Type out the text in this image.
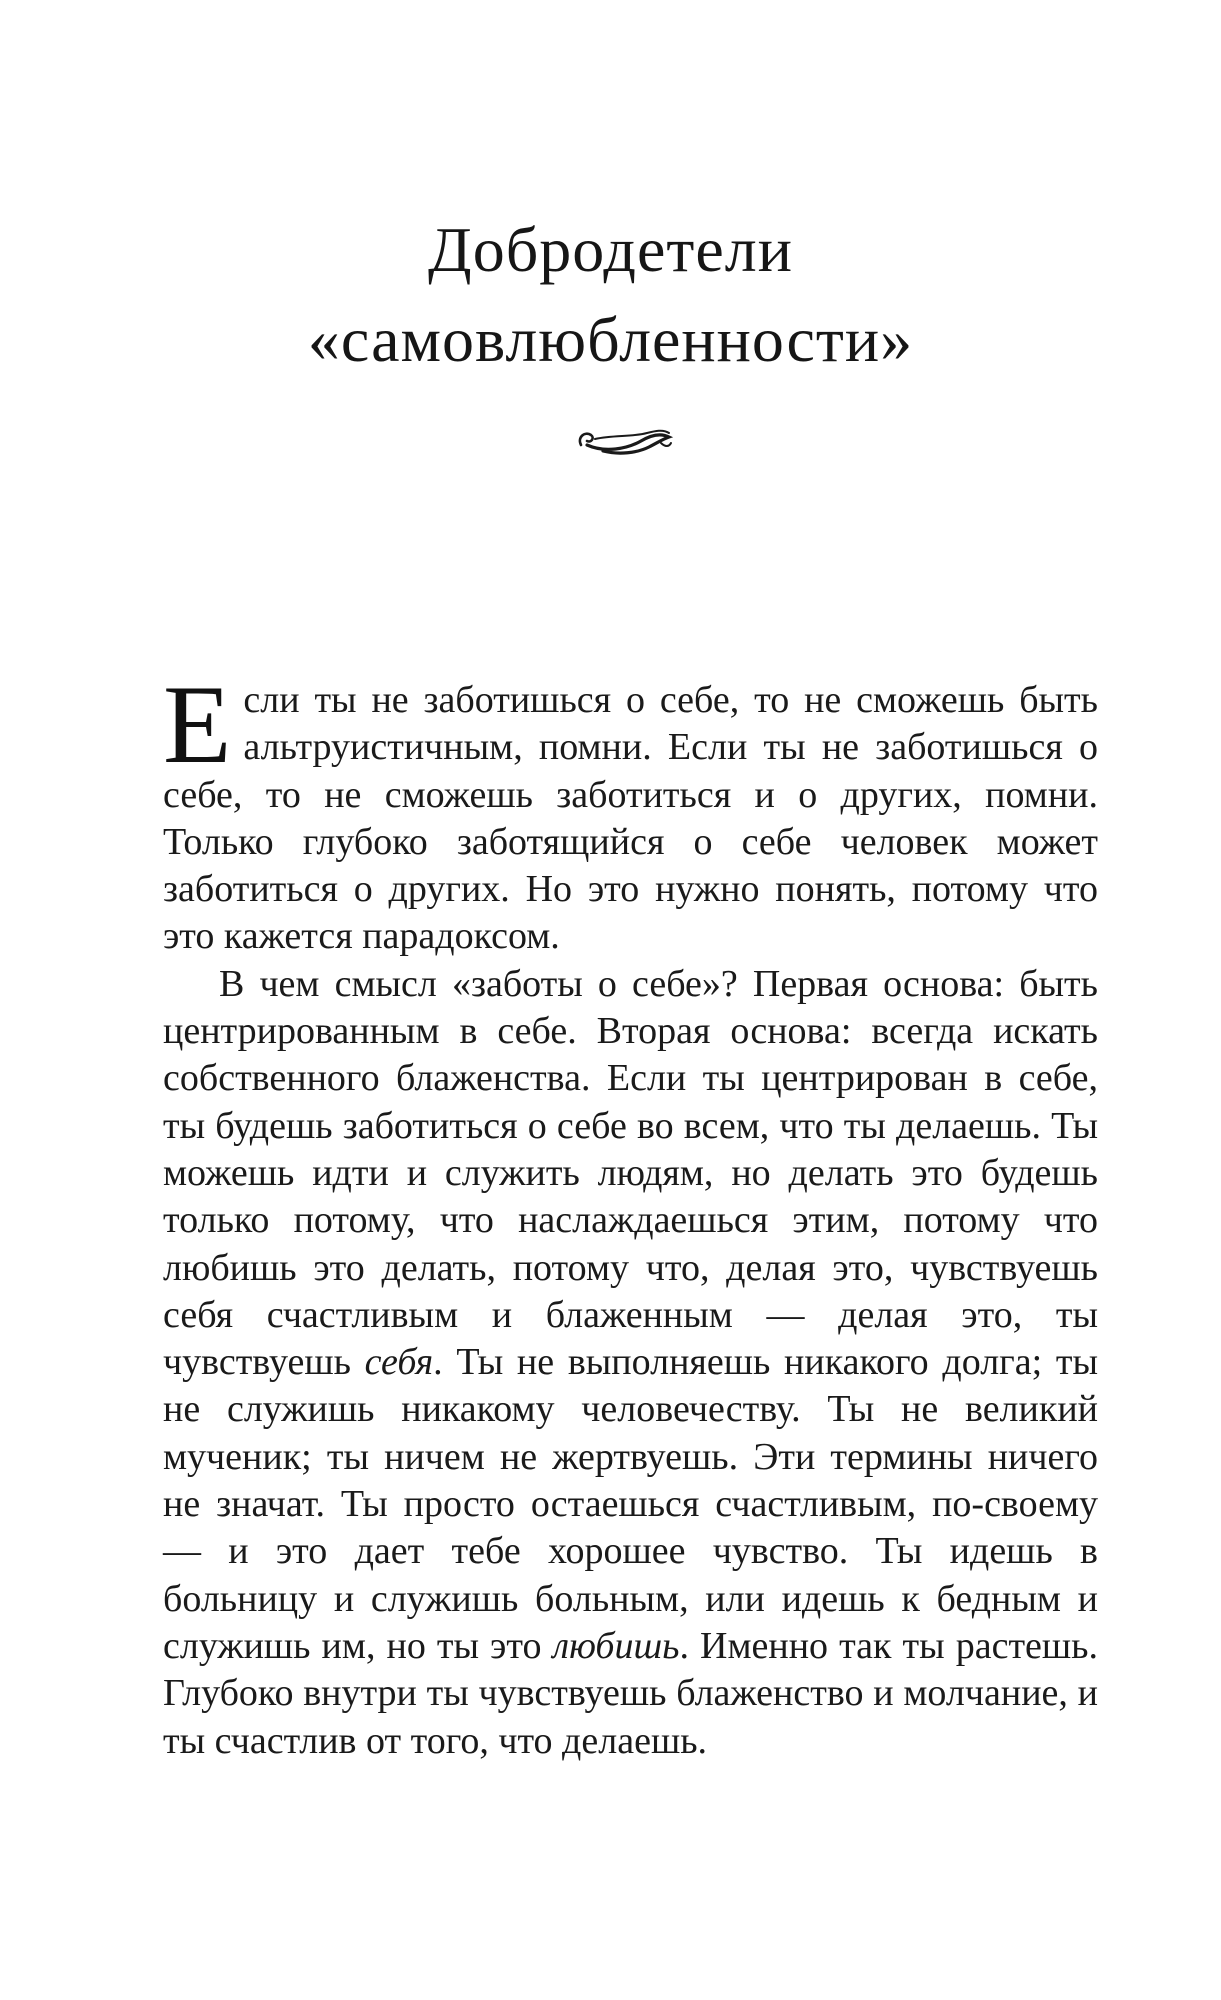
Добродетели
«самовлюбленности»

Если ты не заботишься о себе, то не сможешь быть альтруистичным, помни. Если ты не заботишься о себе, то не сможешь заботиться и о других, помни. Только глубоко заботящийся о себе человек может заботиться о других. Но это нужно понять, потому что это кажется парадоксом.

В чем смысл «заботы о себе»? Первая основа: быть центрированным в себе. Вторая основа: всегда искать собственного блаженства. Если ты центрирован в себе, ты будешь заботиться о себе во всем, что ты делаешь. Ты можешь идти и служить людям, но делать это будешь только потому, что наслаждаешься этим, потому что любишь это делать, потому что, делая это, чувствуешь себя счастливым и блаженным — делая это, ты чувствуешь себя. Ты не выполняешь никакого долга; ты не служишь никакому человечеству. Ты не великий мученик; ты ничем не жертвуешь. Эти термины ничего не значат. Ты просто остаешься счастливым, по-своему — и это дает тебе хорошее чувство. Ты идешь в больницу и служишь больным, или идешь к бедным и служишь им, но ты это любишь. Именно так ты растешь. Глубоко внутри ты чувствуешь блаженство и молчание, и ты счастлив от того, что делаешь.
